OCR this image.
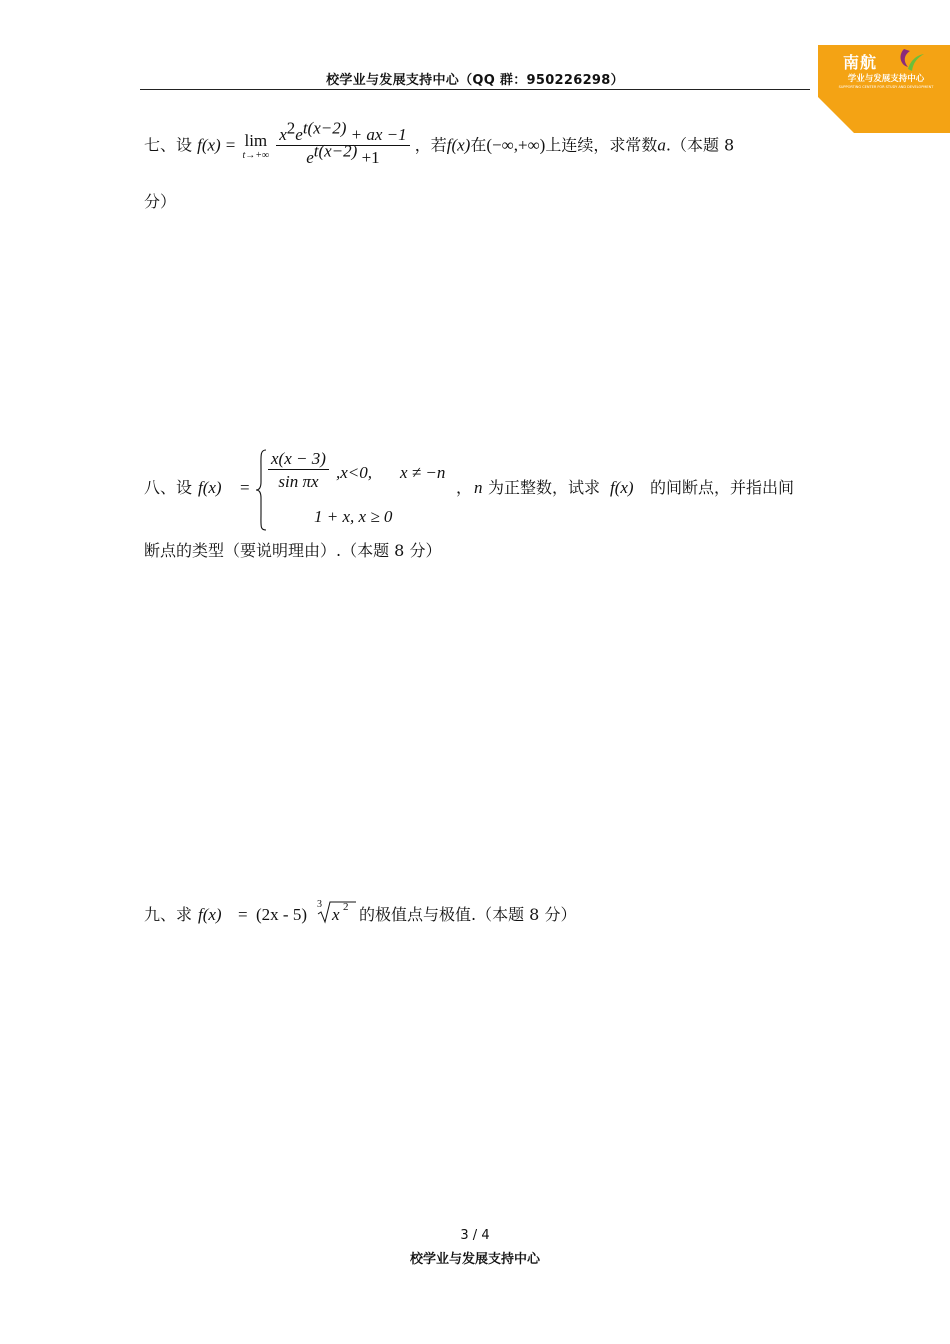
校学业与发展支持中心（QQ 群：950226298）
南航
学业与发展支持中心
SUPPORTING CENTER FOR STUDY AND DEVELOPMENT
七、设 f(x) = lim
t→+∞
$\frac{x^2e^{t(x-2)} + ax -1}{e^{t(x-2)} +1}$ ，若f(x)在(−∞,+∞)上连续，求常数a.（本题 8
分）
八、设 $f(x) = \frac{x(x - 3)}{\text{sin πx}} ,x<0$, x ≠ −n
1 + x, x ≥ 0
， n 为正整数，试求 f(x) 的间断点，并指出间
断点的类型（要说明理由）.（本题 8 分）
九、求 f(x) = (2x - 5)
3
x 2 的极值点与极值.（本题 8 分）
3 / 4
校学业与发展支持中心
